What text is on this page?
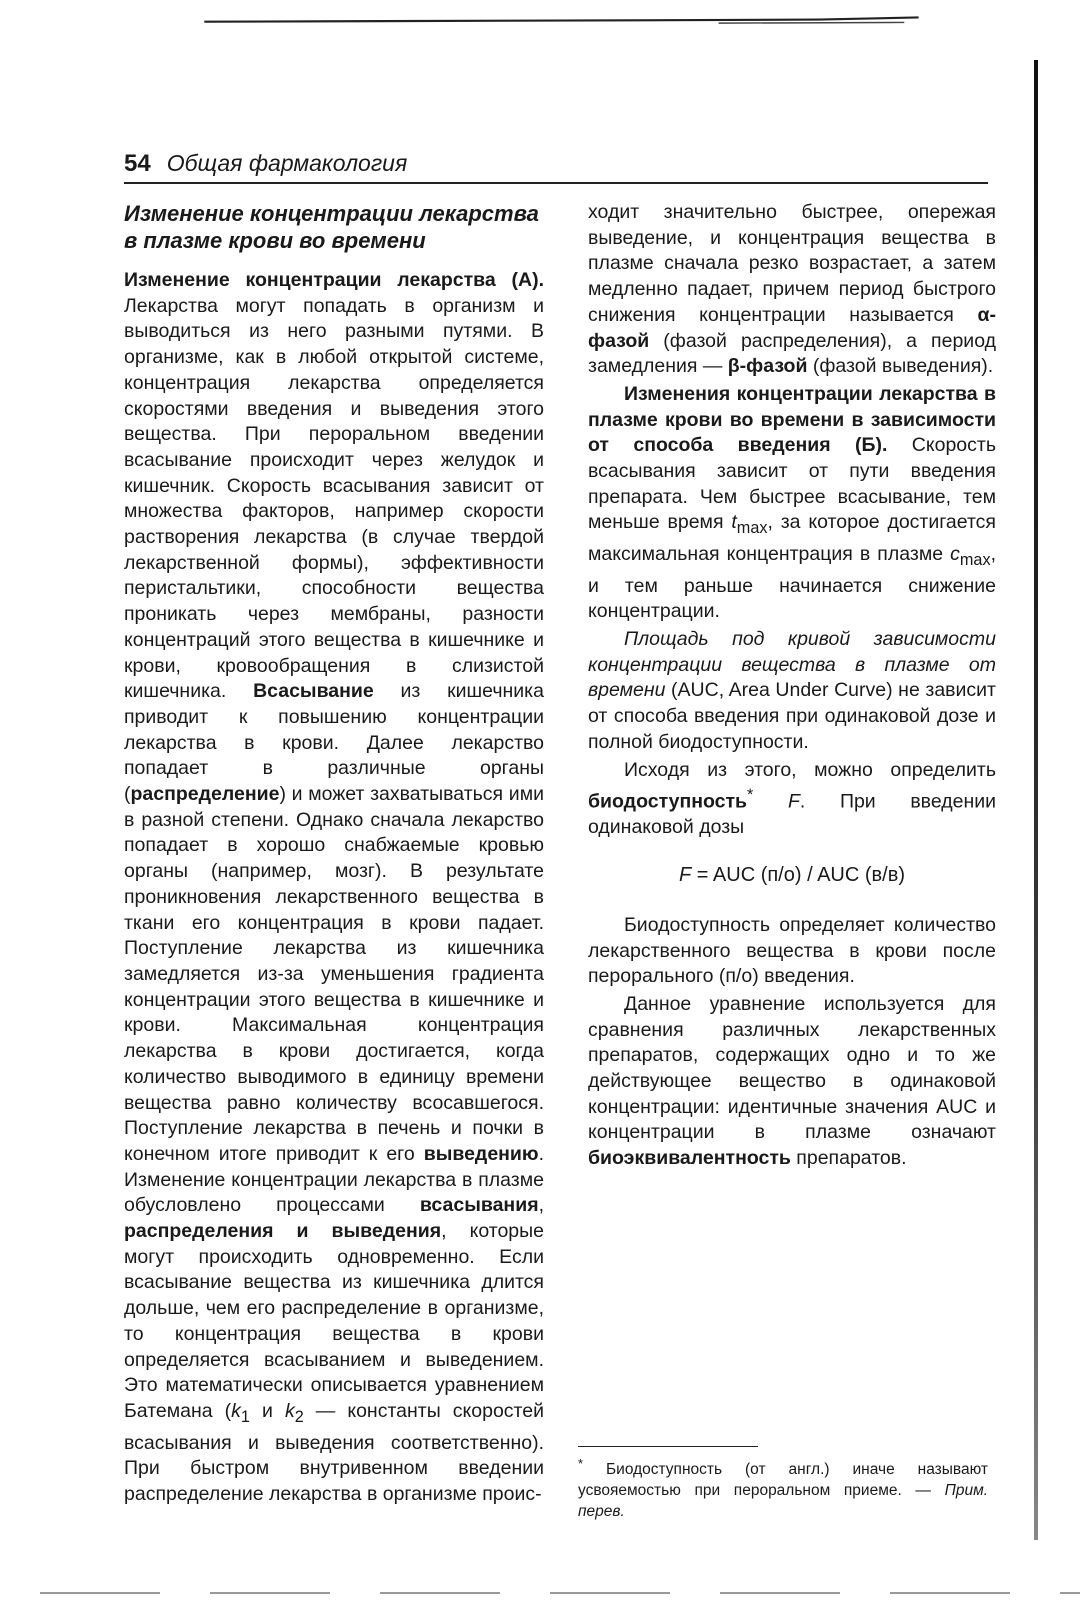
54 Общая фармакология
Изменение концентрации лекарства в плазме крови во времени

Изменение концентрации лекарства (А). Лекарства могут попадать в организм и выводиться из него разными путями. В организме, как в любой открытой системе, концентрация лекарства определяется скоростями введения и выведения этого вещества. При пероральном введении всасывание происходит через желудок и кишечник. Скорость всасывания зависит от множества факторов, например скорости растворения лекарства (в случае твердой лекарственной формы), эффективности перистальтики, способности вещества проникать через мембраны, разности концентраций этого вещества в кишечнике и крови, кровообращения в слизистой кишечника. Всасывание из кишечника приводит к повышению концентрации лекарства в крови. Далее лекарство попадает в различные органы (распределение) и может захватываться ими в разной степени. Однако сначала лекарство попадает в хорошо снабжаемые кровью органы (например, мозг). В результате проникновения лекарственного вещества в ткани его концентрация в крови падает. Поступление лекарства из кишечника замедляется из-за уменьшения градиента концентрации этого вещества в кишечнике и крови. Максимальная концентрация лекарства в крови достигается, когда количество выводимого в единицу времени вещества равно количеству всосавшегося. Поступление лекарства в печень и почки в конечном итоге приводит к его выведению. Изменение концентрации лекарства в плазме обусловлено процессами всасывания, распределения и выведения, которые могут происходить одновременно. Если всасывание вещества из кишечника длится дольше, чем его распределение в организме, то концентрация вещества в крови определяется всасыванием и выведением. Это математически описывается уравнением Батемана ($k_1$ и $k_2$ — константы скоростей всасывания и выведения соответственно). При быстром внутривенном введении распределение лекарства в организме проис-

ходит значительно быстрее, опережая выведение, и концентрация вещества в плазме сначала резко возрастает, а затем медленно падает, причем период быстрого снижения концентрации называется α-фазой (фазой распределения), а период замедления — β-фазой (фазой выведения).

Изменения концентрации лекарства в плазме крови во времени в зависимости от способа введения (Б). Скорость всасывания зависит от пути введения препарата. Чем быстрее всасывание, тем меньше время $t_{max}$, за которое достигается максимальная концентрация в плазме $c_{max}$, и тем раньше начинается снижение концентрации.

Площадь под кривой зависимости концентрации вещества в плазме от времени (AUC, Area Under Curve) не зависит от способа введения при одинаковой дозе и полной биодоступности.

Исходя из этого, можно определить биодоступность* F. При введении одинаковой дозы

F = AUC (п/о) / AUC (в/в)

Биодоступность определяет количество лекарственного вещества в крови после перорального (п/о) введения.

Данное уравнение используется для сравнения различных лекарственных препаратов, содержащих одно и то же действующее вещество в одинаковой концентрации: идентичные значения AUC и концентрации в плазме означают биоэквивалентность препаратов.

* Биодоступность (от англ.) иначе называют усвояемостью при пероральном приеме. — Прим. перев.
